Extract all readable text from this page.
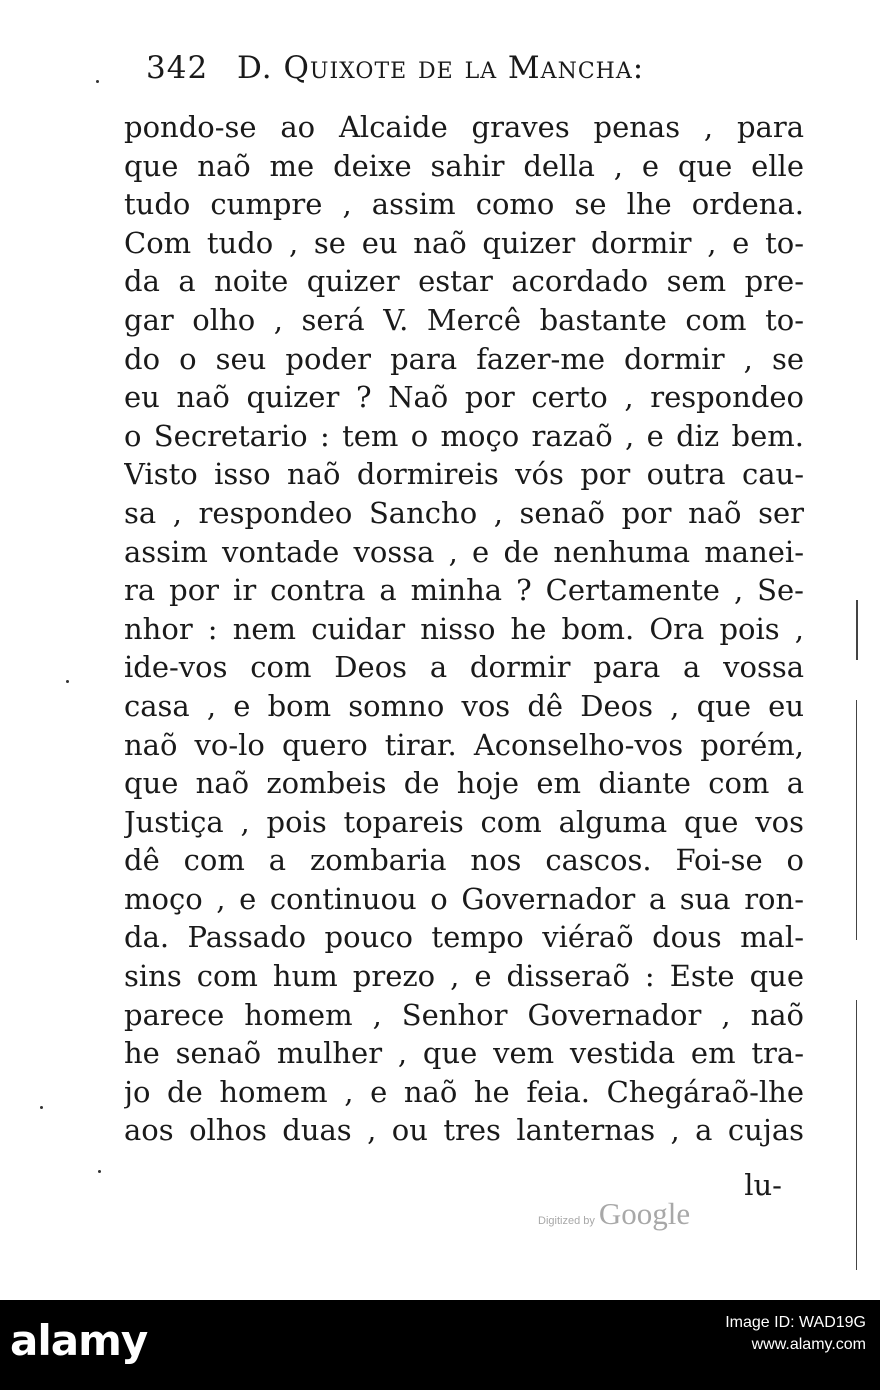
342 D. Quixote de la Mancha:
pondo-se ao Alcaide graves penas , para
que naõ me deixe sahir della , e que elle
tudo cumpre , assim como se lhe ordena.
Com tudo , se eu naõ quizer dormir , e to-
da a noite quizer estar acordado sem pre-
gar olho , será V. Mercê bastante com to-
do o seu poder para fazer-me dormir , se
eu naõ quizer ? Naõ por certo , respondeo
o Secretario : tem o moço razaõ , e diz bem.
Visto isso naõ dormireis vós por outra cau-
sa , respondeo Sancho , senaõ por naõ ser
assim vontade vossa , e de nenhuma manei-
ra por ir contra a minha ? Certamente , Se-
nhor : nem cuidar nisso he bom. Ora pois ,
ide-vos com Deos a dormir para a vossa
casa , e bom somno vos dê Deos , que eu
naõ vo-lo quero tirar. Aconselho-vos porém,
que naõ zombeis de hoje em diante com a
Justiça , pois topareis com alguma que vos
dê com a zombaria nos cascos. Foi-se o
moço , e continuou o Governador a sua ron-
da. Passado pouco tempo viéraõ dous mal-
sins com hum prezo , e disseraõ : Este que
parece homem , Senhor Governador , naõ
he senaõ mulher , que vem vestida em tra-
jo de homem , e naõ he feia. Chegáraõ-lhe
aos olhos duas , ou tres lanternas , a cujas
lu-
Digitized by Google
alamy	Image ID: WAD19G
www.alamy.com
